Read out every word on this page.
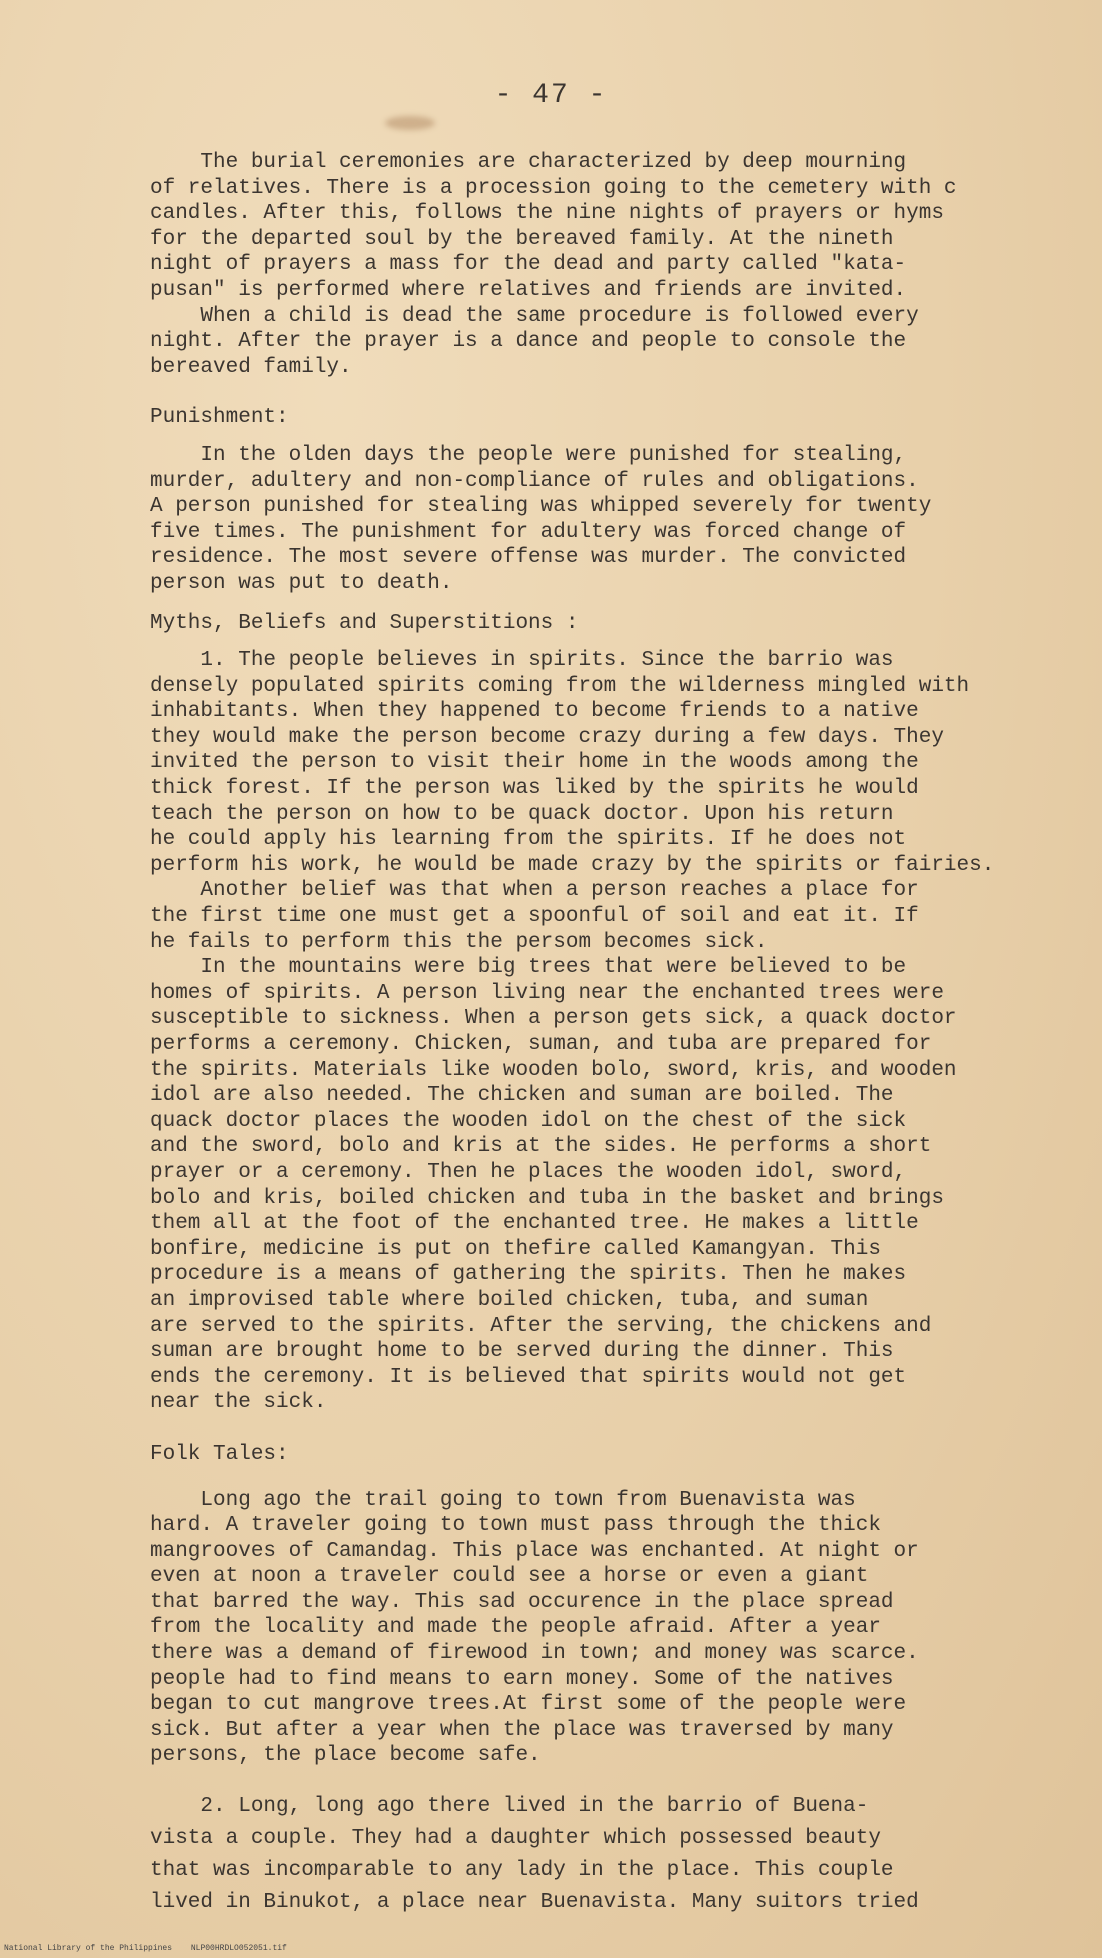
- 47 -

The burial ceremonies are characterized by deep mourning
of relatives. There is a procession going to the cemetery with c
candles. After this, follows the nine nights of prayers or hyms
for the departed soul by the bereaved family. At the nineth
night of prayers a mass for the dead and party called "kata-
pusan" is performed where relatives and friends are invited.

When a child is dead the same procedure is followed every
night. After the prayer is a dance and people to console the
bereaved family.

Punishment:

In the olden days the people were punished for stealing,
murder, adultery and non-compliance of rules and obligations.
A person punished for stealing was whipped severely for twenty
five times. The punishment for adultery was forced change of
residence. The most severe offense was murder. The convicted
person was put to death.

Myths, Beliefs and Superstitions :

1. The people believes in spirits. Since the barrio was
densely populated spirits coming from the wilderness mingled with
inhabitants. When they happened to become friends to a native
they would make the person become crazy during a few days. They
invited the person to visit their home in the woods among the
thick forest. If the person was liked by the spirits he would
teach the person on how to be quack doctor. Upon his return
he could apply his learning from the spirits. If he does not
perform his work, he would be made crazy by the spirits or fairies.

Another belief was that when a person reaches a place for
the first time one must get a spoonful of soil and eat it. If
he fails to perform this the persom becomes sick.

In the mountains were big trees that were believed to be
homes of spirits. A person living near the enchanted trees were
susceptible to sickness. When a person gets sick, a quack doctor
performs a ceremony. Chicken, suman, and tuba are prepared for
the spirits. Materials like wooden bolo, sword, kris, and wooden
idol are also needed. The chicken and suman are boiled. The
quack doctor places the wooden idol on the chest of the sick
and the sword, bolo and kris at the sides. He performs a short
prayer or a ceremony. Then he places the wooden idol, sword,
bolo and kris, boiled chicken and tuba in the basket and brings
them all at the foot of the enchanted tree. He makes a little
bonfire, medicine is put on thefire called Kamangyan. This
procedure is a means of gathering the spirits. Then he makes
an improvised table where boiled chicken, tuba, and suman
are served to the spirits. After the serving, the chickens and
suman are brought home to be served during the dinner. This
ends the ceremony. It is believed that spirits would not get
near the sick.

Folk Tales:

Long ago the trail going to town from Buenavista was
hard. A traveler going to town must pass through the thick
mangrooves of Camandag. This place was enchanted. At night or
even at noon a traveler could see a horse or even a giant
that barred the way. This sad occurence in the place spread
from the locality and made the people afraid. After a year
there was a demand of firewood in town; and money was scarce.
people had to find means to earn money. Some of the natives
began to cut mangrove trees.At first some of the people were
sick. But after a year when the place was traversed by many
persons, the place become safe.

2. Long, long ago there lived in the barrio of Buena-
vista a couple. They had a daughter which possessed beauty
that was incomparable to any lady in the place. This couple
lived in Binukot, a place near Buenavista. Many suitors tried

National Library of the Philippines NLP00HRDLO052051.tif
